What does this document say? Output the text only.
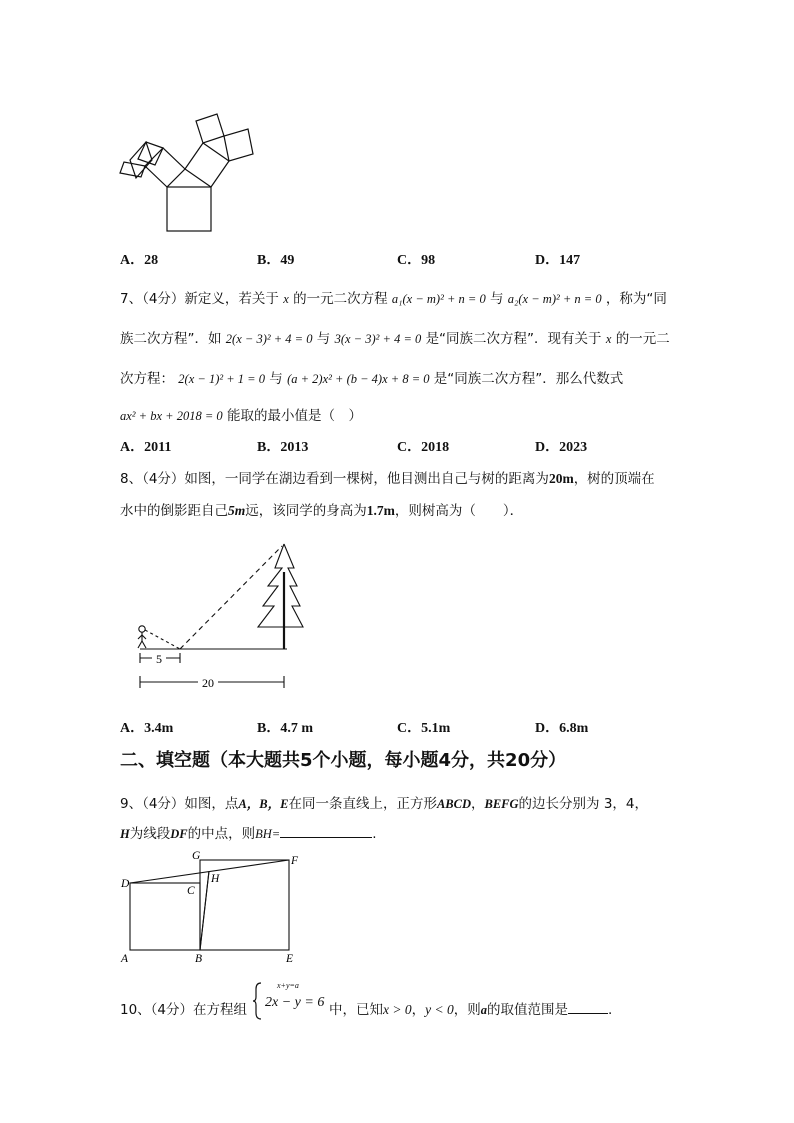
A．28	B．49	C．98	D．147
7、（4分）新定义，若关于 x 的一元二次方程 a₁(x − m)² + n = 0 与 a₂(x − m)² + n = 0 ，称为“同
族二次方程”．如 2(x − 3)² + 4 = 0 与 3(x − 3)² + 4 = 0 是“同族二次方程”．现有关于 x 的一元二
次方程： 2(x − 1)² + 1 = 0 与 (a + 2)x² + (b − 4)x + 8 = 0 是“同族二次方程”．那么代数式
ax² + bx + 2018 = 0 能取的最小值是（　）
A．2011	B．2013	C．2018	D．2023
8、（4分）如图，一同学在湖边看到一棵树，他目测出自己与树的距离为20m，树的顶端在
水中的倒影距自己5m远，该同学的身高为1.7m，则树高为（　　）．
5
20
A．3.4m	B．4.7 m	C．5.1m	D．6.8m
二、填空题（本大题共5个小题，每小题4分，共20分）
9、（4分）如图，点A，B，E在同一条直线上，正方形ABCD，BEFG的边长分别为 3，4，
H为线段DF的中点，则BH=	.
D
A	B	E
G	F
C
H
10、（4分）在方程组
x+y=a
2x − y = 6 中，已知x > 0，y < 0，则a的取值范围是	.
